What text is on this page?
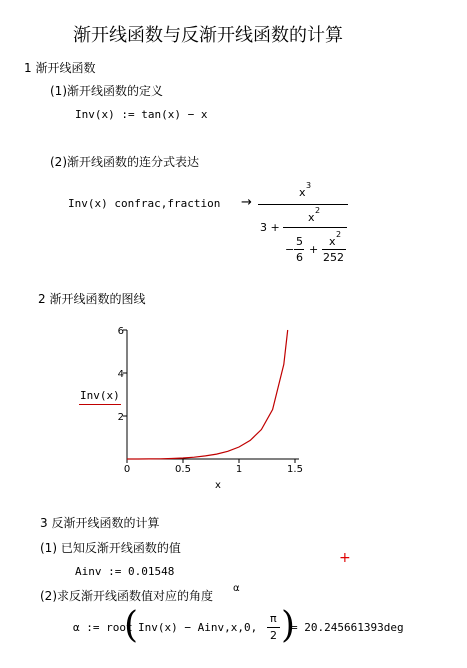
渐开线函数与反渐开线函数的计算
1 渐开线函数
(1)渐开线函数的定义
Inv(x) := tan(x) − x
(2)渐开线函数的连分式表达
Inv(x) confrac,fraction →
x
3
3 +
x
2
−
5
6
+
x
2
252
2 渐开线函数的图线
Inv(x)
0	0.5	1	1.5
2
4
6
x
3 反渐开线函数的计算
(1) 已知反渐开线函数的值
Ainv := 0.01548
+
(2)求反渐开线函数值对应的角度
α
α := root
( Inv(x) − Ainv,x,0,
π
2 )
= 20.245661393deg
